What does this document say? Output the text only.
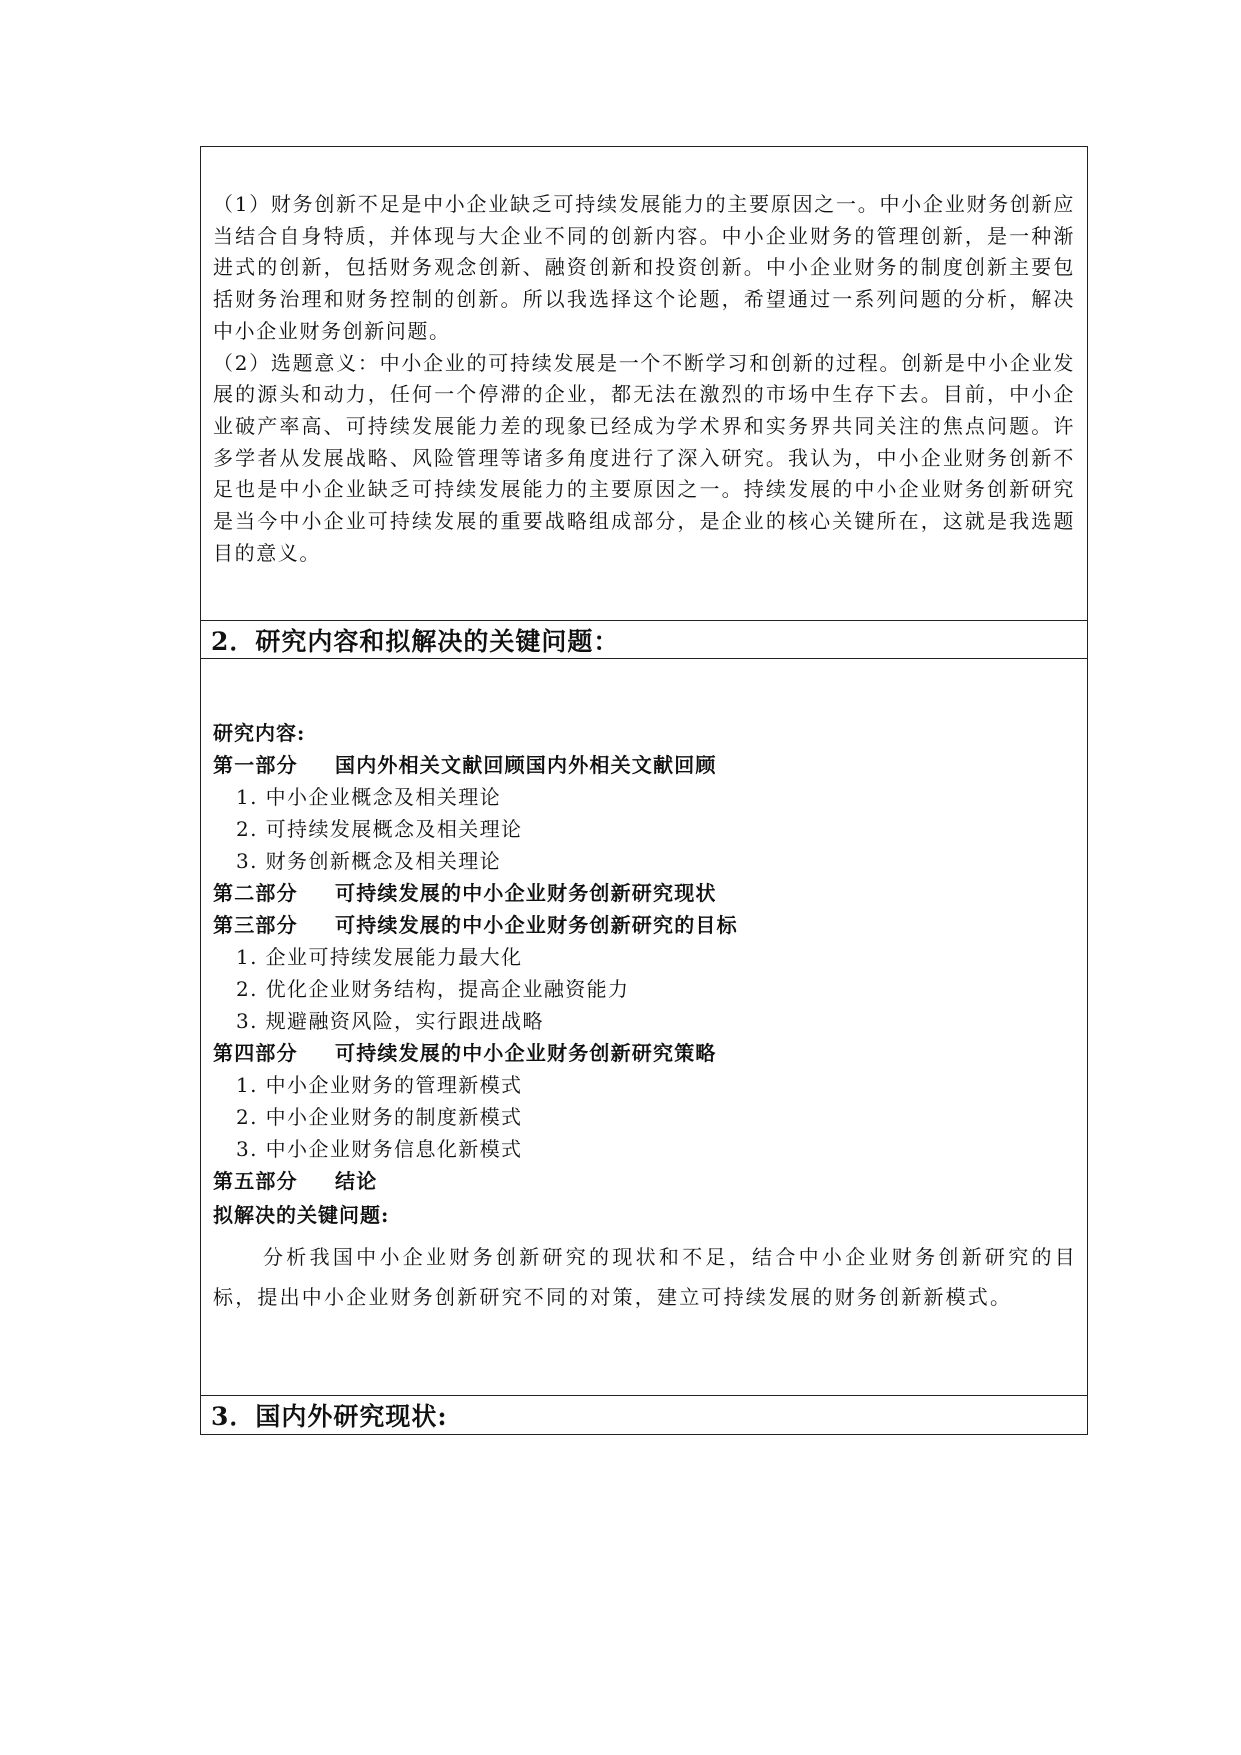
（1）财务创新不足是中小企业缺乏可持续发展能力的主要原因之一。中小企业财务创新应当结合自身特质，并体现与大企业不同的创新内容。中小企业财务的管理创新，是一种渐进式的创新，包括财务观念创新、融资创新和投资创新。中小企业财务的制度创新主要包括财务治理和财务控制的创新。所以我选择这个论题，希望通过一系列问题的分析，解决中小企业财务创新问题。

（2）选题意义：中小企业的可持续发展是一个不断学习和创新的过程。创新是中小企业发展的源头和动力，任何一个停滞的企业，都无法在激烈的市场中生存下去。目前，中小企业破产率高、可持续发展能力差的现象已经成为学术界和实务界共同关注的焦点问题。许多学者从发展战略、风险管理等诸多角度进行了深入研究。我认为，中小企业财务创新不足也是中小企业缺乏可持续发展能力的主要原因之一。持续发展的中小企业财务创新研究是当今中小企业可持续发展的重要战略组成部分，是企业的核心关键所在，这就是我选题目的意义。

2．研究内容和拟解决的关键问题：
研究内容:
第一部分 国内外相关文献回顾国内外相关文献回顾
1. 中小企业概念及相关理论
2. 可持续发展概念及相关理论
3. 财务创新概念及相关理论
第二部分 可持续发展的中小企业财务创新研究现状
第三部分 可持续发展的中小企业财务创新研究的目标
1. 企业可持续发展能力最大化
2. 优化企业财务结构，提高企业融资能力
3. 规避融资风险，实行跟进战略
第四部分 可持续发展的中小企业财务创新研究策略
1. 中小企业财务的管理新模式
2. 中小企业财务的制度新模式
3. 中小企业财务信息化新模式
第五部分 结论
拟解决的关键问题:

分析我国中小企业财务创新研究的现状和不足，结合中小企业财务创新研究的目标，提出中小企业财务创新研究不同的对策，建立可持续发展的财务创新新模式。

3．国内外研究现状:
